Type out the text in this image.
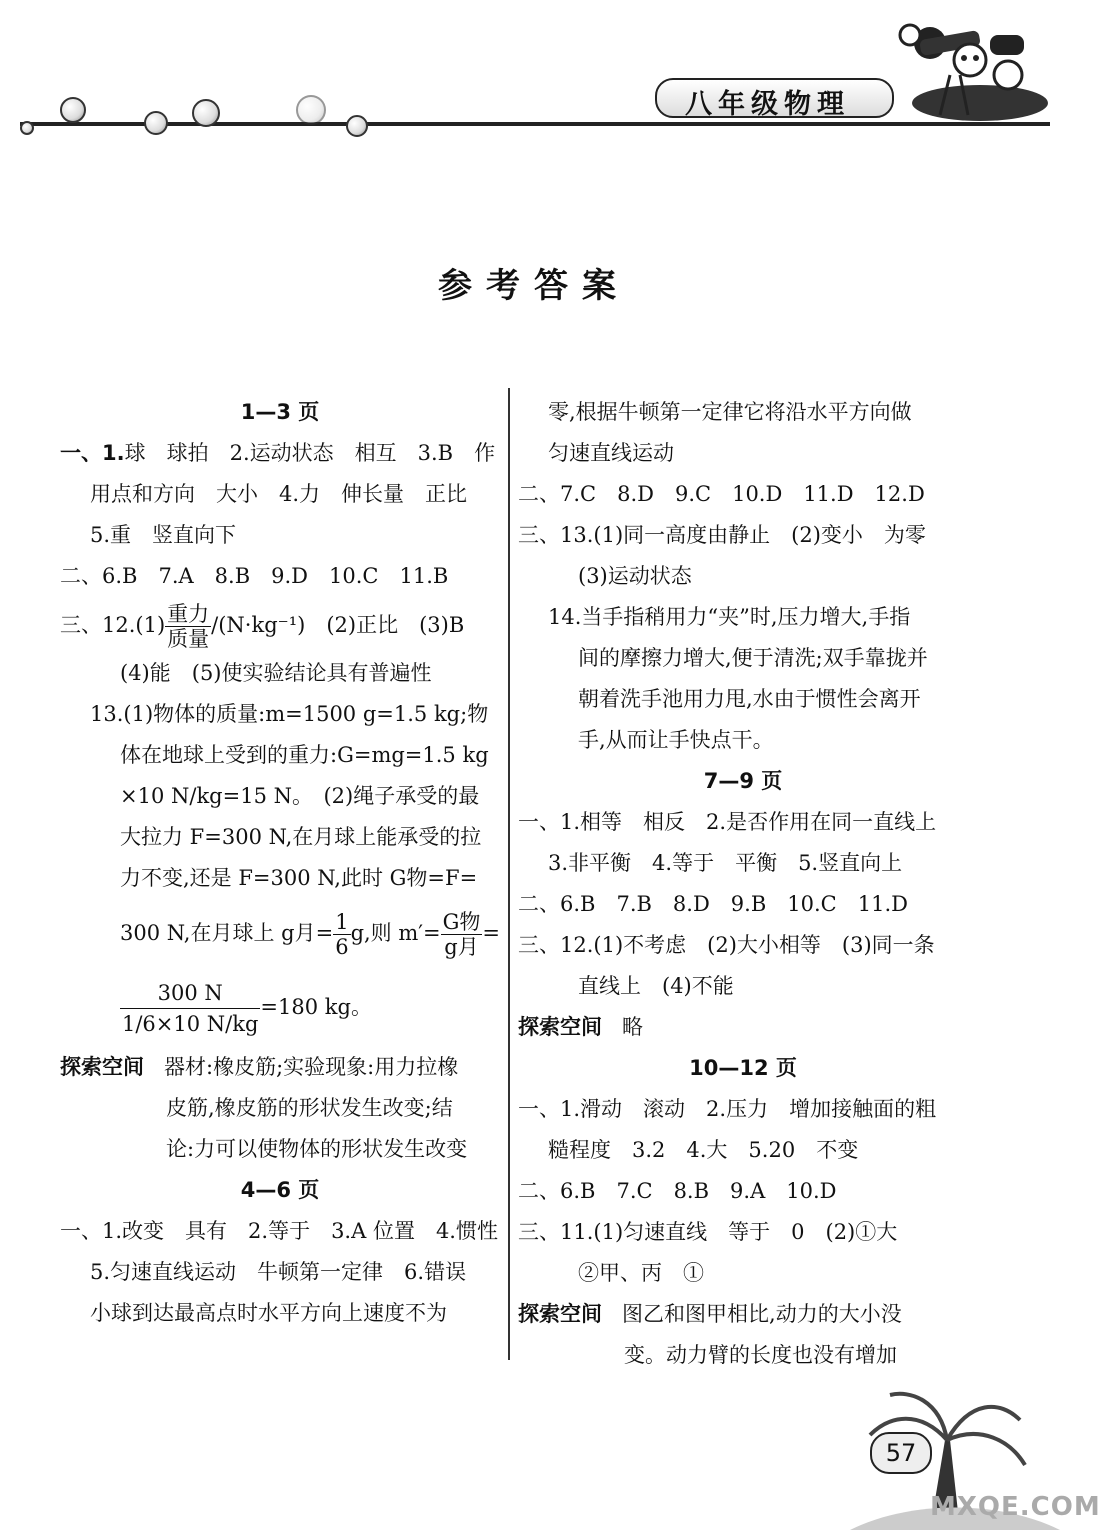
八年级物理
参考答案

1—3 页

一、1.球　球拍　2.运动状态　相互　3.B　作

用点和方向　大小　4.力　伸长量　正比

5.重　竖直向下

二、6.B　7.A　8.B　9.D　10.C　11.B

三、12.(1) 重力
质量
/(N·kg⁻¹)　(2)正比　(3)B

(4)能　(5)使实验结论具有普遍性

13.(1)物体的质量:m=1500 g=1.5 kg;物

体在地球上受到的重力:G=mg=1.5 kg

×10 N/kg=15 N。　(2)绳子承受的最

大拉力 F=300 N,在月球上能承受的拉

力不变,还是 F=300 N,此时 G物=F=

300 N,在月球上 g月= $\frac{1}{6} g$,则 m′= G物
g月
=

$\frac{300 N}{1/6\times 10 N/kg} =180$ kg。

探索空间 器材:橡皮筋;实验现象:用力拉橡

皮筋,橡皮筋的形状发生改变;结

论:力可以使物体的形状发生改变

4—6 页

一、1.改变　具有　2.等于　3.A 位置　4.惯性

5.匀速直线运动　牛顿第一定律　6.错误

小球到达最高点时水平方向上速度不为

零,根据牛顿第一定律它将沿水平方向做

匀速直线运动

二、7.C　8.D　9.C　10.D　11.D　12.D

三、13.(1)同一高度由静止　(2)变小　为零

(3)运动状态

14.当手指稍用力“夹”时,压力增大,手指

间的摩擦力增大,便于清洗;双手靠拢并

朝着洗手池用力甩,水由于惯性会离开

手,从而让手快点干。

7—9 页

一、1.相等　相反　2.是否作用在同一直线上

3.非平衡　4.等于　平衡　5.竖直向上

二、6.B　7.B　8.D　9.B　10.C　11.D

三、12.(1)不考虑　(2)大小相等　(3)同一条

直线上　(4)不能

探索空间 略

10—12 页

一、1.滑动　滚动　2.压力　增加接触面的粗

糙程度　3.2　4.大　5.20　不变

二、6.B　7.C　8.B　9.A　10.D

三、11.(1)匀速直线　等于　0　(2)①大

②甲、丙　①

探索空间 图乙和图甲相比,动力的大小没

变。动力臂的长度也没有增加

57
MXQE.COM
